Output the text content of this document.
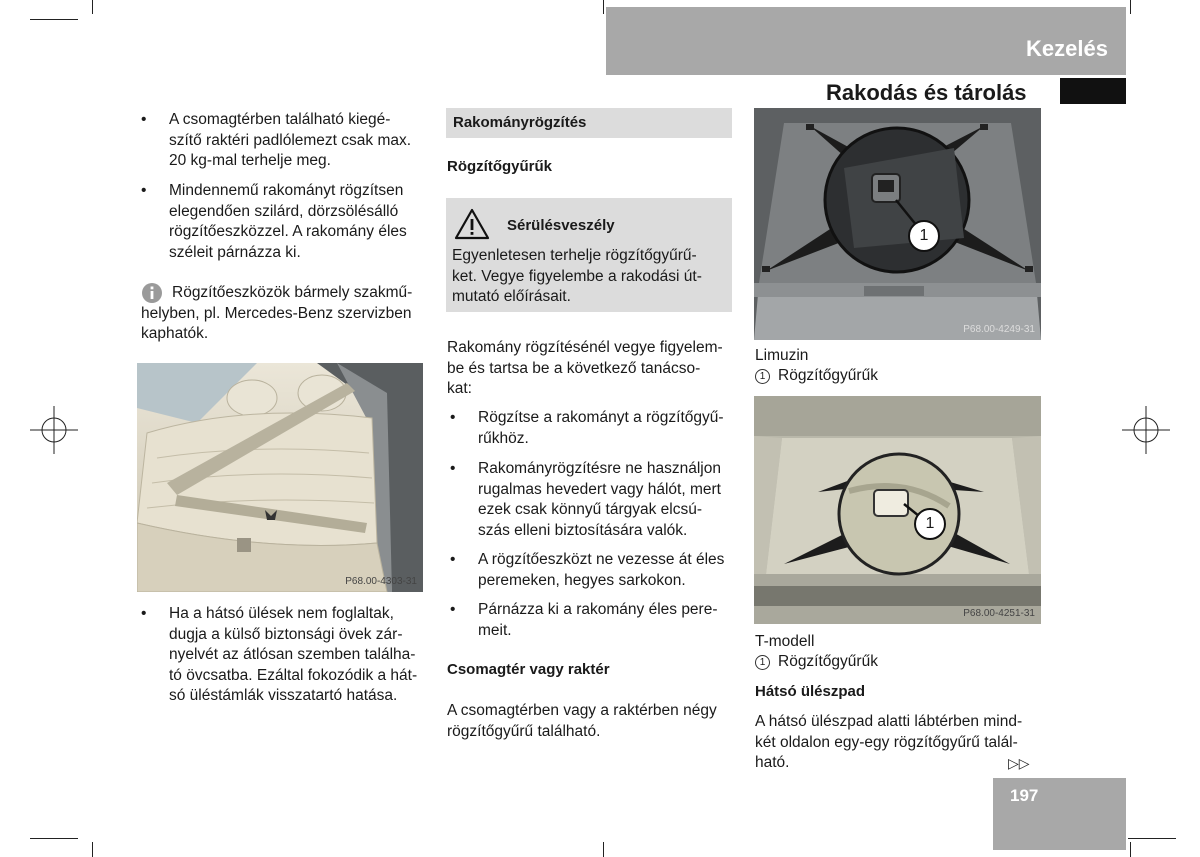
Kezelés
Rakodás és tárolás
• A csomagtérben található kiegé-
szítő raktéri padlólemezt csak max.
20 kg-mal terhelje meg.
• Mindennemű rakományt rögzítsen
elegendően szilárd, dörzsölésálló
rögzítőeszközzel. A rakomány éles
széleit párnázza ki.
Rögzítőeszközök bármely szakmű-
helyben, pl. Mercedes-Benz szervizben
kaphatók.
P68.00-4303-31
• Ha a hátsó ülések nem foglaltak,
dugja a külső biztonsági övek zár-
nyelvét az átlósan szemben találha-
tó övcsatba. Ezáltal fokozódik a hát-
só üléstámlák visszatartó hatása.
Rakományrögzítés
Rögzítőgyűrűk
Sérülésveszély
Egyenletesen terhelje rögzítőgyűrű-
ket. Vegye figyelembe a rakodási út-
mutató előírásait.
Rakomány rögzítésénél vegye figyelem-
be és tartsa be a következő tanácso-
kat:
• Rögzítse a rakományt a rögzítőgyű-
rűkhöz.
• Rakományrögzítésre ne használjon
rugalmas hevedert vagy hálót, mert
ezek csak könnyű tárgyak elcsú-
szás elleni biztosítására valók.
• A rögzítőeszközt ne vezesse át éles
peremeken, hegyes sarkokon.
• Párnázza ki a rakomány éles pere-
meit.
Csomagtér vagy raktér
A csomagtérben vagy a raktérben négy
rögzítőgyűrű található.
1
P68.00-4249-31
Limuzin
1 Rögzítőgyűrűk
1
P68.00-4251-31
T-modell
1 Rögzítőgyűrűk
Hátsó ülészpad
A hátsó ülészpad alatti lábtérben mind-
két oldalon egy-egy rögzítőgyűrű talál-
ható.	▷▷
197
